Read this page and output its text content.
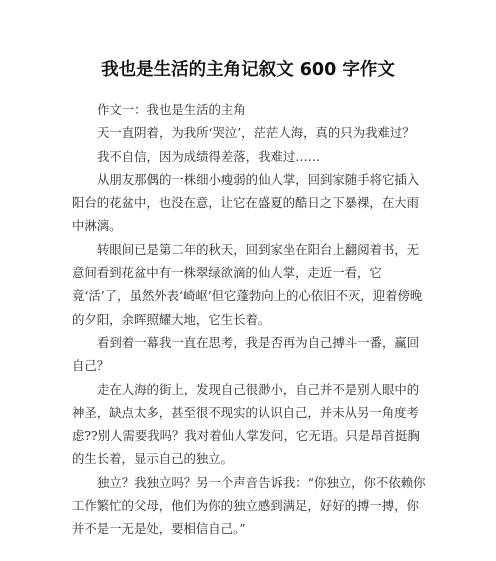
我也是生活的主角记叙文 600 字作文

作文一：我也是生活的主角

天一直阴着，为我所‘哭泣’，茫茫人海，真的只为我难过？

我不自信，因为成绩得差落，我难过……

从朋友那偶的一株细小瘦弱的仙人掌，回到家随手将它插入阳台的花盆中，也没在意，让它在盛夏的酷日之下暴裸，在大雨中淋漓。

转眼间已是第二年的秋天，回到家坐在阳台上翻阅着书，无意间看到花盆中有一株翠绿欲滴的仙人掌，走近一看，它竟‘活’了，虽然外表‘崎岖’但它蓬勃向上的心依旧不灭，迎着傍晚的夕阳，余晖照耀大地，它生长着。

看到着一幕我一直在思考，我是否再为自己搏斗一番，赢回自己？

走在人海的街上，发现自己很渺小，自己并不是别人眼中的神圣，缺点太多，甚至很不现实的认识自己，并未从另一角度考虑??别人需要我吗？我对着仙人掌发问，它无语。只是昂首挺胸的生长着，显示自己的独立。

独立？我独立吗？另一个声音告诉我：“你独立，你不依赖你工作繁忙的父母，他们为你的独立感到满足，好好的搏一搏，你并不是一无是处，要相信自己。”
